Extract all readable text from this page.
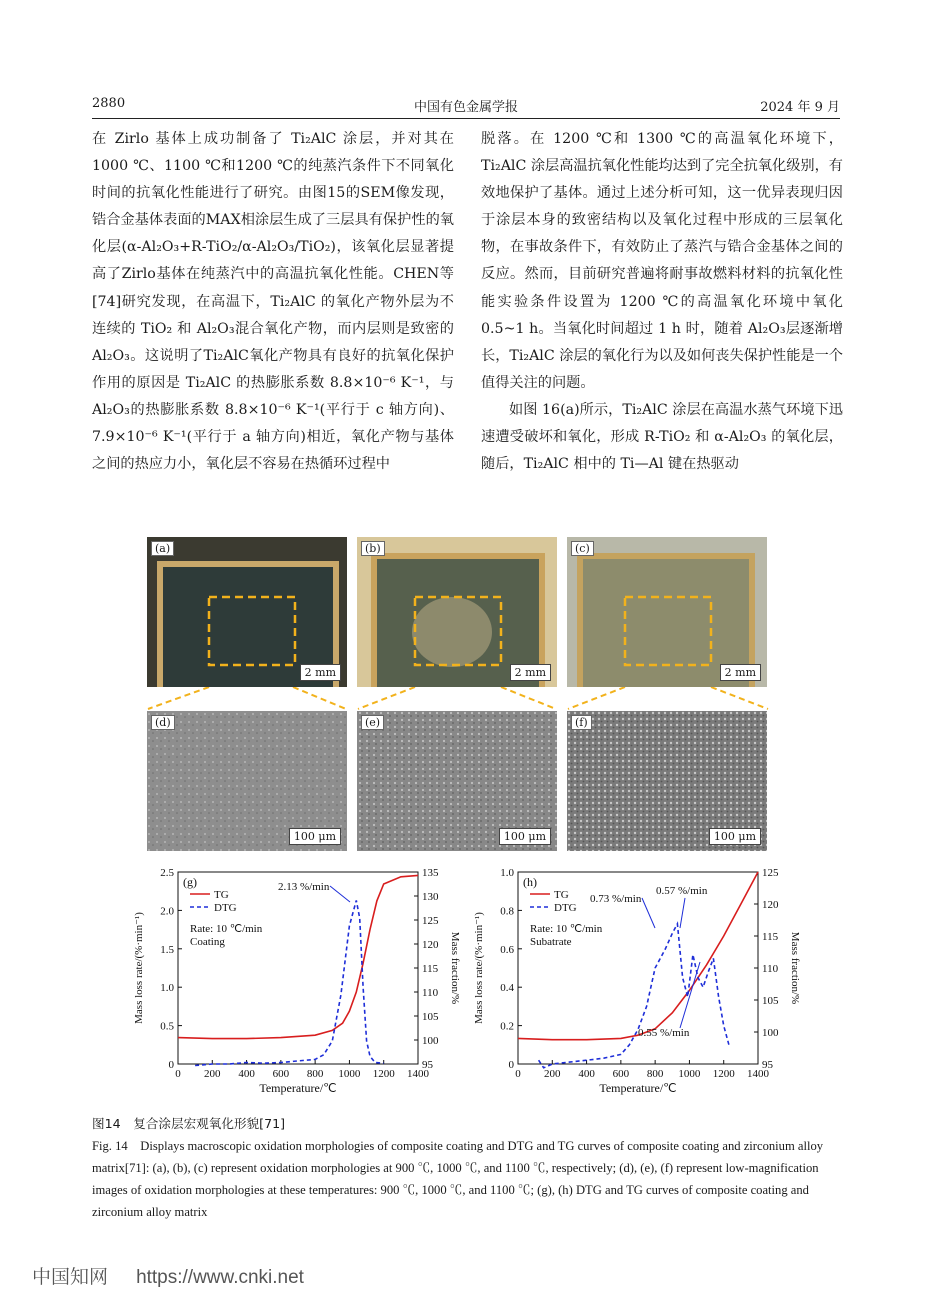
2880	中国有色金属学报	2024 年 9 月

在 Zirlo 基体上成功制备了 Ti₂AlC 涂层，并对其在 1000 ℃、1100 ℃和1200 ℃的纯蒸汽条件下不同氧化时间的抗氧化性能进行了研究。由图15的SEM像发现，锆合金基体表面的MAX相涂层生成了三层具有保护性的氧化层(α-Al₂O₃+R-TiO₂/α-Al₂O₃/TiO₂)，该氧化层显著提高了Zirlo基体在纯蒸汽中的高温抗氧化性能。CHEN等[74]研究发现，在高温下，Ti₂AlC 的氧化产物外层为不连续的 TiO₂ 和 Al₂O₃混合氧化产物，而内层则是致密的Al₂O₃。这说明了Ti₂AlC氧化产物具有良好的抗氧化保护作用的原因是 Ti₂AlC 的热膨胀系数 8.8×10⁻⁶ K⁻¹，与 Al₂O₃的热膨胀系数 8.8×10⁻⁶ K⁻¹(平行于 c 轴方向)、7.9×10⁻⁶ K⁻¹(平行于 a 轴方向)相近，氧化产物与基体之间的热应力小，氧化层不容易在热循环过程中

脱落。在 1200 ℃和 1300 ℃的高温氧化环境下，Ti₂AlC 涂层高温抗氧化性能均达到了完全抗氧化级别，有效地保护了基体。通过上述分析可知，这一优异表现归因于涂层本身的致密结构以及氧化过程中形成的三层氧化物，在事故条件下，有效防止了蒸汽与锆合金基体之间的反应。然而，目前研究普遍将耐事故燃料材料的抗氧化性能实验条件设置为 1200 ℃的高温氧化环境中氧化 0.5~1 h。当氧化时间超过 1 h 时，随着 Al₂O₃层逐渐增长，Ti₂AlC 涂层的氧化行为以及如何丧失保护性能是一个值得关注的问题。

如图 16(a)所示，Ti₂AlC 涂层在高温水蒸气环境下迅速遭受破坏和氧化，形成 R-TiO₂ 和 α-Al₂O₃ 的氧化层，随后，Ti₂AlC 相中的 Ti—Al 键在热驱动

(a)
2 mm
(b)
2 mm
(c)
2 mm
(d)
100 μm
(e)
100 μm
(f)
100 μm
0 200 400 600 800 1000 1200 1400
0
0.5
1.0
1.5
2.0
2.5
95
100
105
110
115
120
125
130
135
Temperature/℃
Mass loss rate/(%·min⁻¹)	Mass fraction/%
(g)
TG
DTG
Rate: 10 ℃/min
Coating
2.13 %/min
0 200 400 600 800 1000 1200 1400
0
0.2
0.4
0.6
0.8
1.0
95
100
105
110
115
120
125
Temperature/℃
Mass loss rate/(%·min⁻¹)	Mass fraction/%
(h)
TG
DTG
Rate: 10 ℃/min
Subatrate
0.73 %/min
0.57 %/min
0.55 %/min
图14　复合涂层宏观氧化形貌[71]
Fig. 14　Displays macroscopic oxidation morphologies of composite coating and DTG and TG curves of composite coating and zirconium alloy matrix[71]: (a), (b), (c) represent oxidation morphologies at 900 ℃, 1000 ℃, and 1100 ℃, respectively; (d), (e), (f) represent low-magnification images of oxidation morphologies at these temperatures: 900 ℃, 1000 ℃, and 1100 ℃; (g), (h) DTG and TG curves of composite coating and zirconium alloy matrix
中国知网 https://www.cnki.net
